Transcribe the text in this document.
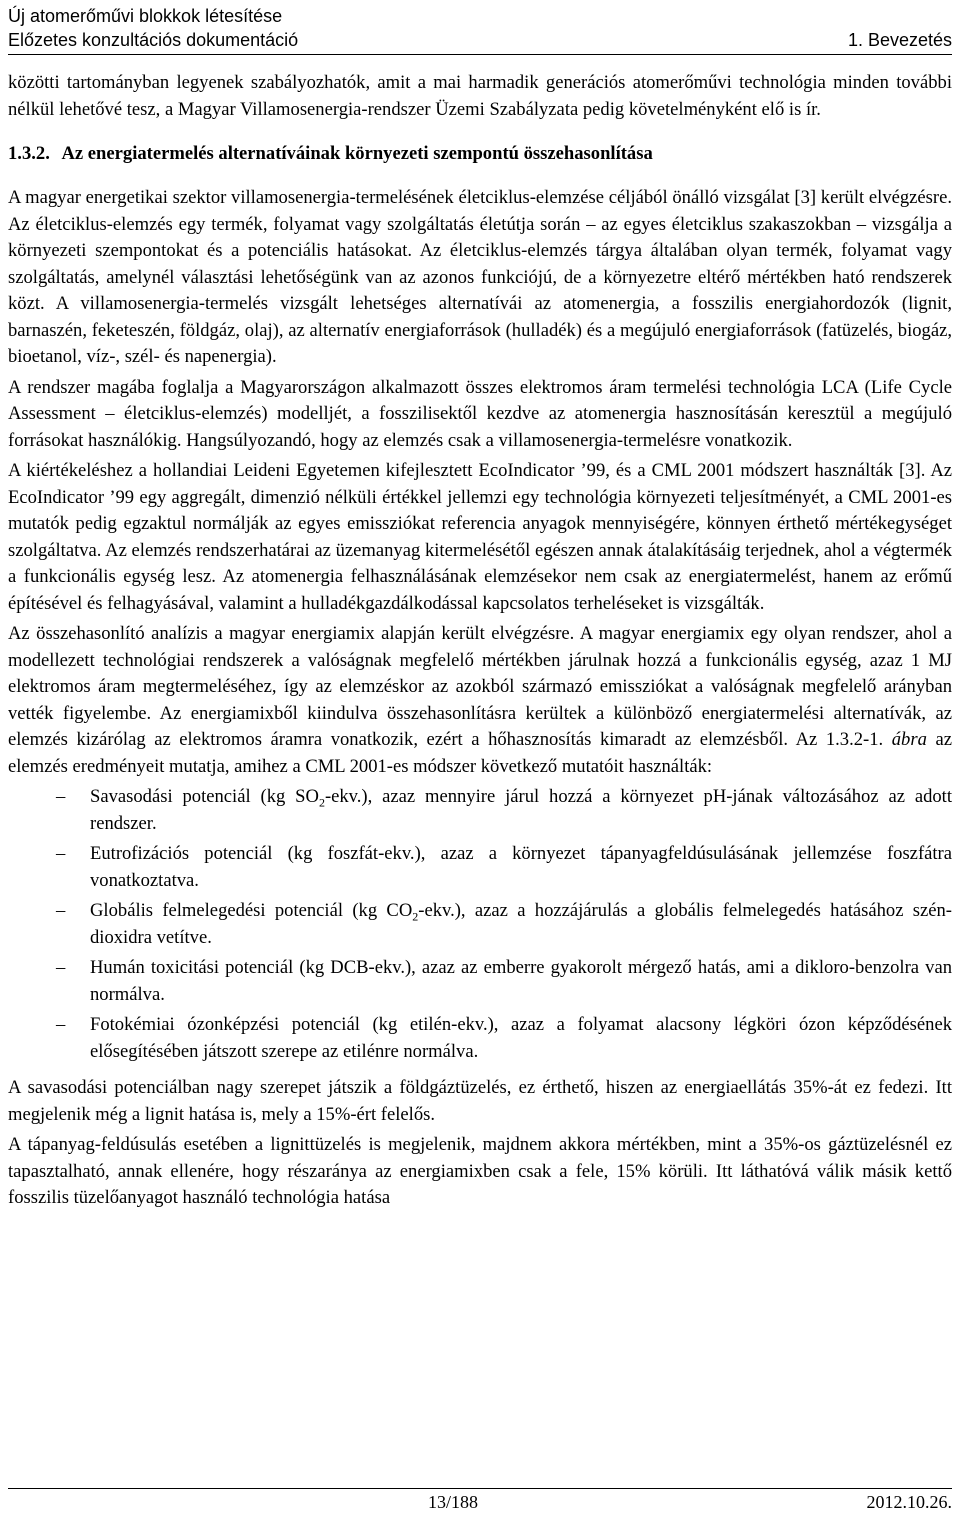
Új atomerőművi blokkok létesítése
Előzetes konzultációs dokumentáció	1. Bevezetés

közötti tartományban legyenek szabályozhatók, amit a mai harmadik generációs atomerőművi technológia minden további nélkül lehetővé tesz, a Magyar Villamosenergia-rendszer Üzemi Szabályzata pedig követelményként elő is ír.

1.3.2. Az energiatermelés alternatíváinak környezeti szempontú összehasonlítása

A magyar energetikai szektor villamosenergia-termelésének életciklus-elemzése céljából önálló vizsgálat [3] került elvégzésre. Az életciklus-elemzés egy termék, folyamat vagy szolgáltatás életútja során – az egyes életciklus szakaszokban – vizsgálja a környezeti szempontokat és a potenciális hatásokat. Az életciklus-elemzés tárgya általában olyan termék, folyamat vagy szolgáltatás, amelynél választási lehetőségünk van az azonos funkciójú, de a környezetre eltérő mértékben ható rendszerek közt. A villamosenergia-termelés vizsgált lehetséges alternatívái az atomenergia, a fosszilis energiahordozók (lignit, barnaszén, feketeszén, földgáz, olaj), az alternatív energiaforrások (hulladék) és a megújuló energiaforrások (fatüzelés, biogáz, bioetanol, víz-, szél- és napenergia).

A rendszer magába foglalja a Magyarországon alkalmazott összes elektromos áram termelési technológia LCA (Life Cycle Assessment – életciklus-elemzés) modelljét, a fosszilisektől kezdve az atomenergia hasznosításán keresztül a megújuló forrásokat használókig. Hangsúlyozandó, hogy az elemzés csak a villamosenergia-termelésre vonatkozik.

A kiértékeléshez a hollandiai Leideni Egyetemen kifejlesztett EcoIndicator ’99, és a CML 2001 módszert használták [3]. Az EcoIndicator ’99 egy aggregált, dimenzió nélküli értékkel jellemzi egy technológia környezeti teljesítményét, a CML 2001-es mutatók pedig egzaktul normálják az egyes emissziókat referencia anyagok mennyiségére, könnyen érthető mértékegységet szolgáltatva. Az elemzés rendszerhatárai az üzemanyag kitermelésétől egészen annak átalakításáig terjednek, ahol a végtermék a funkcionális egység lesz. Az atomenergia felhasználásának elemzésekor nem csak az energiatermelést, hanem az erőmű építésével és felhagyásával, valamint a hulladékgazdálkodással kapcsolatos terheléseket is vizsgálták.

Az összehasonlító analízis a magyar energiamix alapján került elvégzésre. A magyar energiamix egy olyan rendszer, ahol a modellezett technológiai rendszerek a valóságnak megfelelő mértékben járulnak hozzá a funkcionális egység, azaz 1 MJ elektromos áram megtermeléséhez, így az elemzéskor az azokból származó emissziókat a valóságnak megfelelő arányban vették figyelembe. Az energiamixből kiindulva összehasonlításra kerültek a különböző energiatermelési alternatívák, az elemzés kizárólag az elektromos áramra vonatkozik, ezért a hőhasznosítás kimaradt az elemzésből. Az 1.3.2-1. ábra az elemzés eredményeit mutatja, amihez a CML 2001-es módszer következő mutatóit használták:

– Savasodási potenciál (kg $SO_2-ekv$.), azaz mennyire járul hozzá a környezet pH-jának változásához az adott rendszer.
– Eutrofizációs potenciál (kg foszfát-ekv.), azaz a környezet tápanyagfeldúsulásának jellemzése foszfátra vonatkoztatva.
– Globális felmelegedési potenciál (kg $CO_2-ekv$.), azaz a hozzájárulás a globális felmelegedés hatásához szén-dioxidra vetítve.
– Humán toxicitási potenciál (kg DCB-ekv.), azaz az emberre gyakorolt mérgező hatás, ami a dikloro-benzolra van normálva.
– Fotokémiai ózonképzési potenciál (kg etilén-ekv.), azaz a folyamat alacsony légköri ózon képződésének elősegítésében játszott szerepe az etilénre normálva.

A savasodási potenciálban nagy szerepet játszik a földgáztüzelés, ez érthető, hiszen az energiaellátás 35%-át ez fedezi. Itt megjelenik még a lignit hatása is, mely a 15%-ért felelős.

A tápanyag-feldúsulás esetében a lignittüzelés is megjelenik, majdnem akkora mértékben, mint a 35%-os gáztüzelésnél ez tapasztalható, annak ellenére, hogy részaránya az energiamixben csak a fele, 15% körüli. Itt láthatóvá válik másik kettő fosszilis tüzelőanyagot használó technológia hatása

13/188	2012.10.26.
